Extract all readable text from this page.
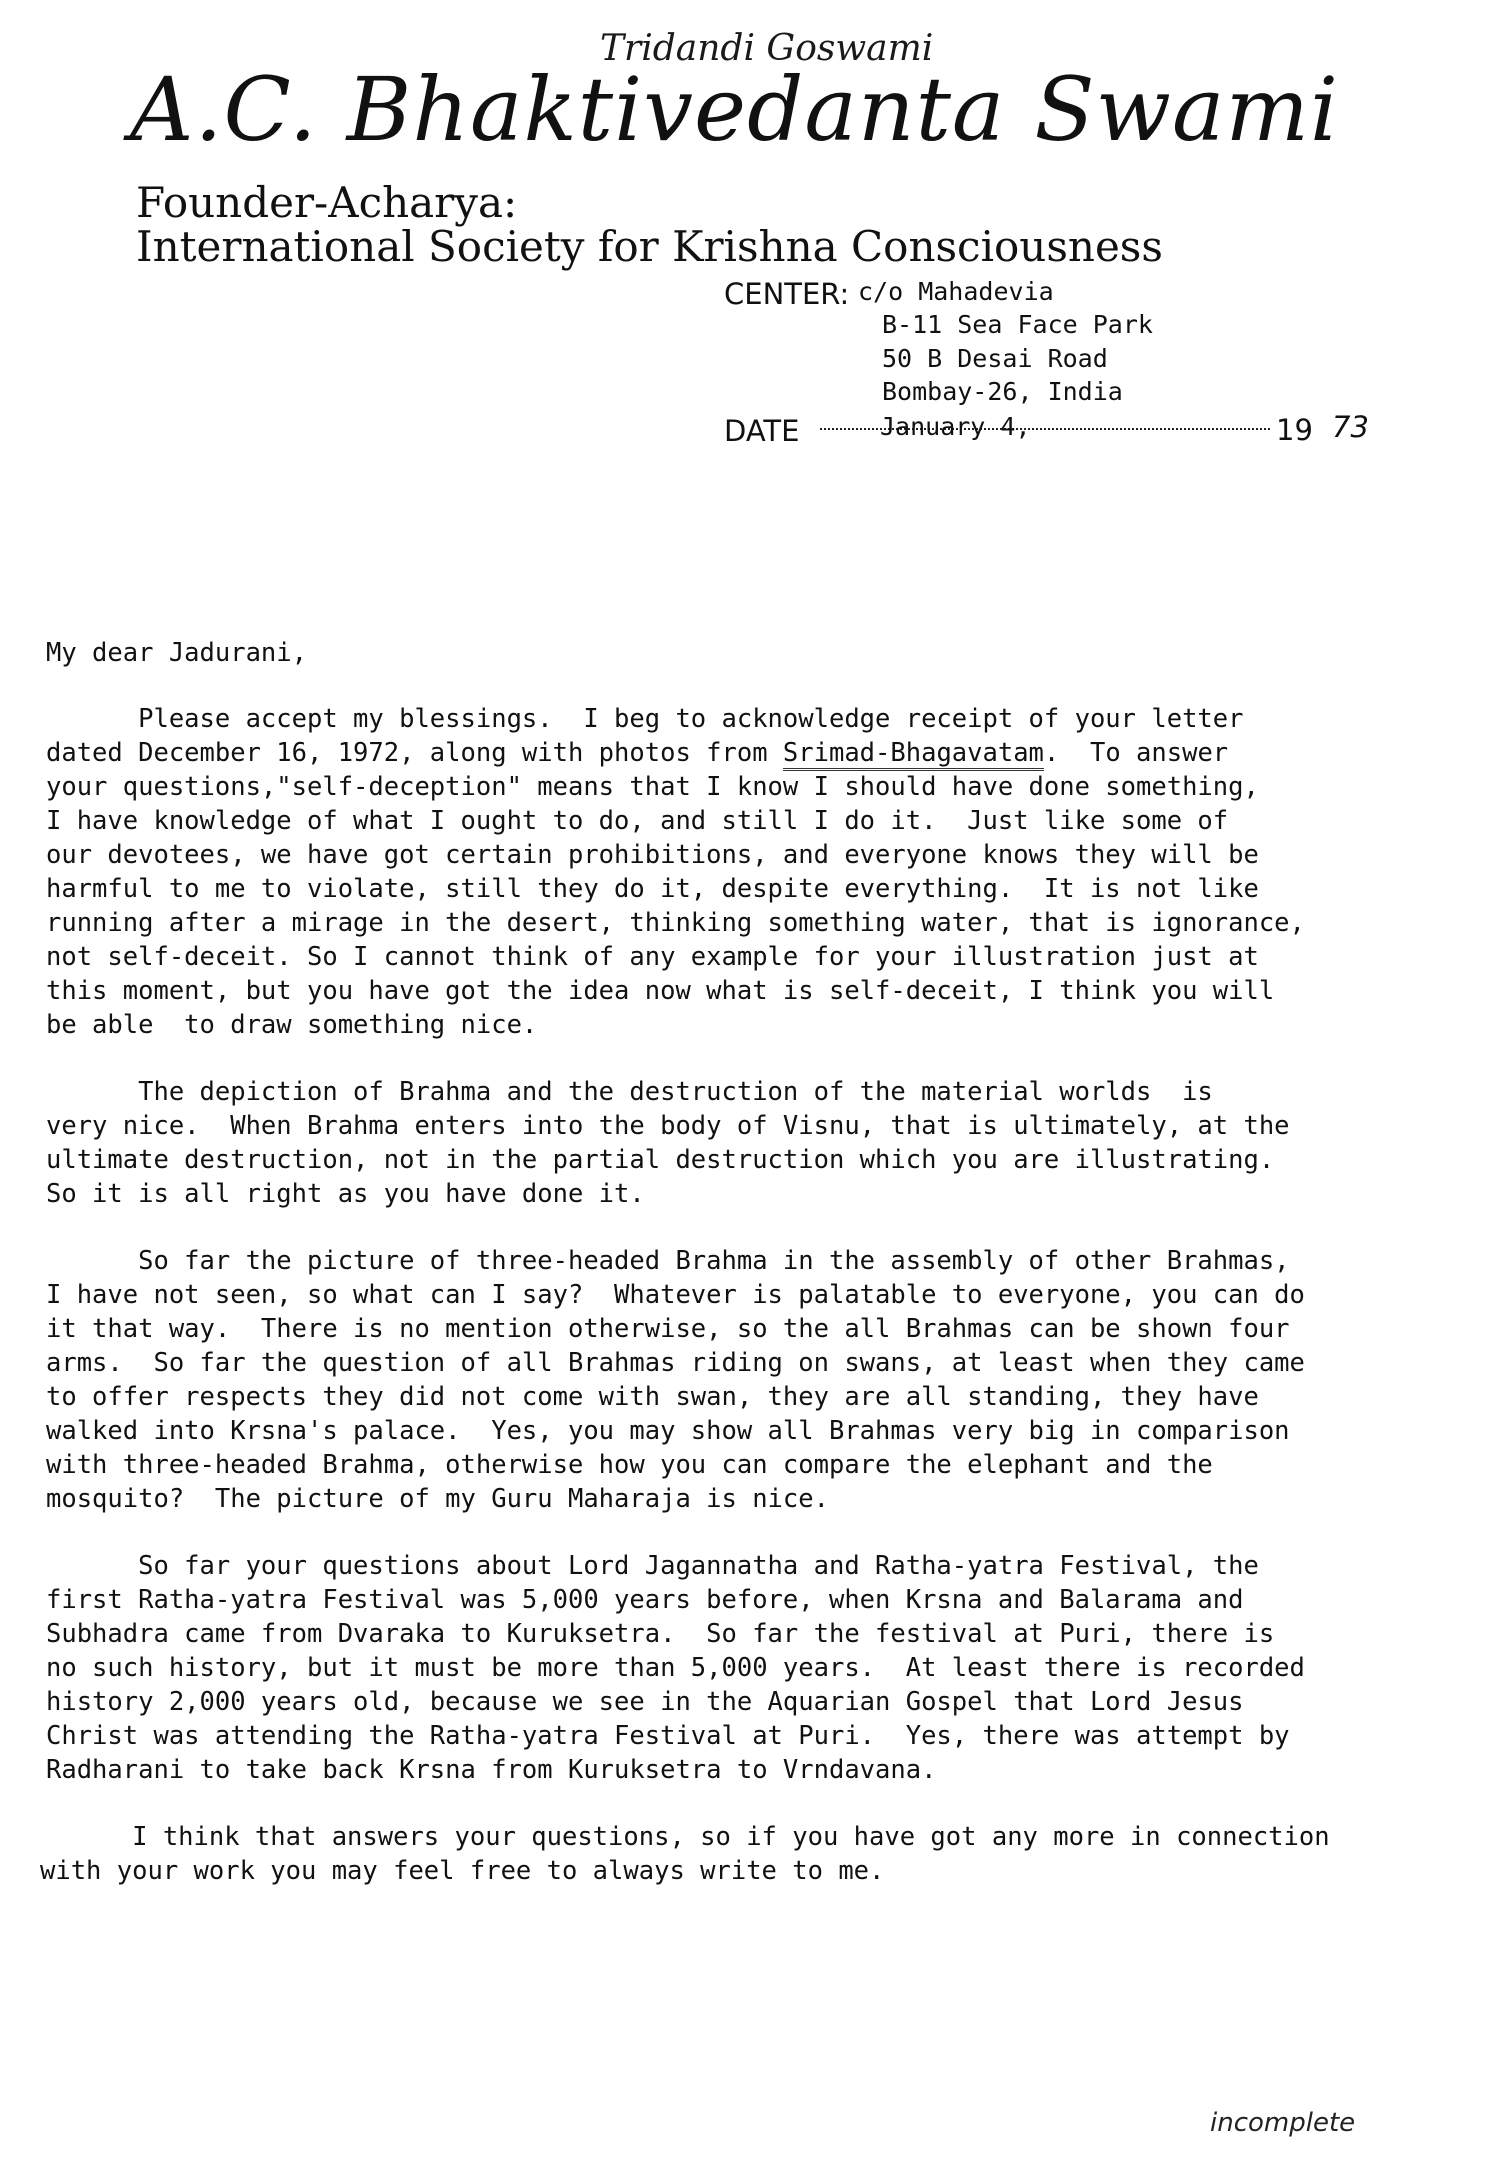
Tridandi Goswami
A.C. Bhaktivedanta Swami
Founder-Acharya:
International Society for Krishna Consciousness
CENTER: c/o Mahadevia
B-11 Sea Face Park
50 B Desai Road
Bombay-26, India
DATE	January 4,	19 73
My dear Jadurani,
Please accept my blessings.  I beg to acknowledge receipt of your letter
dated December 16, 1972, along with photos from Srimad-Bhagavatam.  To answer
your questions,"self-deception" means that I know I should have done something,
I have knowledge of what I ought to do, and still I do it.  Just like some of
our devotees, we have got certain prohibitions, and everyone knows they will be
harmful to me to violate, still they do it, despite everything.  It is not like
running after a mirage in the desert, thinking something water, that is ignorance,
not self-deceit. So I cannot think of any example for your illustration just at
this moment, but you have got the idea now what is self-deceit, I think you will
be able  to draw something nice.
The depiction of Brahma and the destruction of the material worlds  is
very nice.  When Brahma enters into the body of Visnu, that is ultimately, at the
ultimate destruction, not in the partial destruction which you are illustrating.
So it is all right as you have done it.
So far the picture of three-headed Brahma in the assembly of other Brahmas,
I have not seen, so what can I say?  Whatever is palatable to everyone, you can do
it that way.  There is no mention otherwise, so the all Brahmas can be shown four
arms.  So far the question of all Brahmas riding on swans, at least when they came
to offer respects they did not come with swan, they are all standing, they have
walked into Krsna's palace.  Yes, you may show all Brahmas very big in comparison
with three-headed Brahma, otherwise how you can compare the elephant and the
mosquito?  The picture of my Guru Maharaja is nice.
So far your questions about Lord Jagannatha and Ratha-yatra Festival, the
first Ratha-yatra Festival was 5,000 years before, when Krsna and Balarama and
Subhadra came from Dvaraka to Kuruksetra.  So far the festival at Puri, there is
no such history, but it must be more than 5,000 years.  At least there is recorded
history 2,000 years old, because we see in the Aquarian Gospel that Lord Jesus
Christ was attending the Ratha-yatra Festival at Puri.  Yes, there was attempt by
Radharani to take back Krsna from Kuruksetra to Vrndavana.
I think that answers your questions, so if you have got any more in connection
with your work you may feel free to always write to me.
incomplete
